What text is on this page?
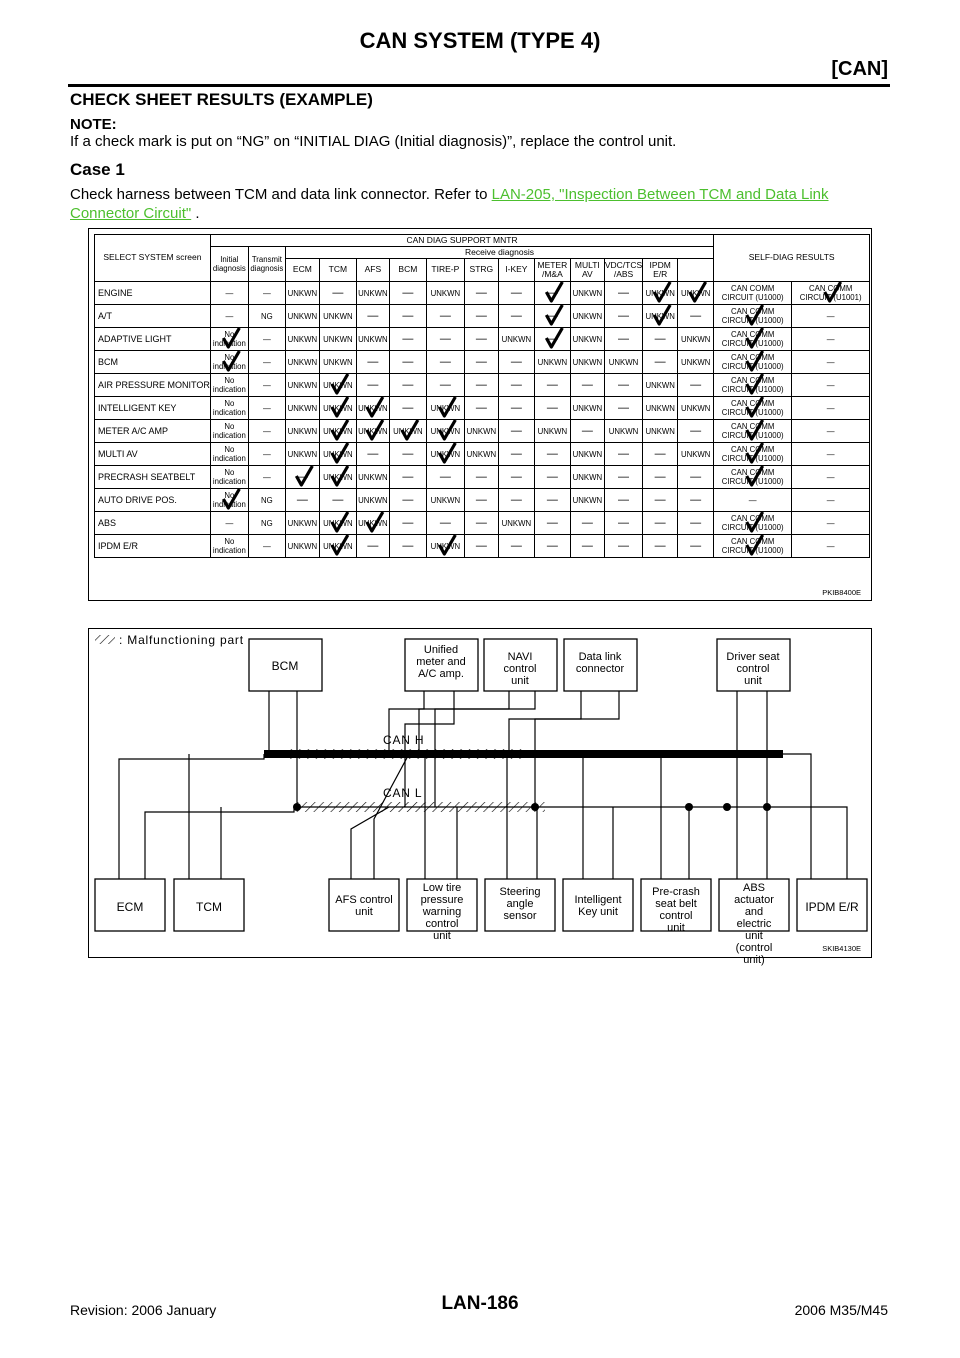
CAN SYSTEM (TYPE 4)
[CAN]
CHECK SHEET RESULTS (EXAMPLE)
NOTE:
If a check mark is put on “NG” on “INITIAL DIAG (Initial diagnosis)”, replace the control unit.
Case 1
Check harness between TCM and data link connector. Refer to LAN-205, "Inspection Between TCM and Data Link Connector Circuit" .
SELECT SYSTEM screen	CAN DIAG SUPPORT MNTR														SELF-DIAG RESULTS	
	Initial diagnosis	Transmit diagnosis	Receive diagnosis													
			ECM	TCM	AFS	BCM	TIRE-P	STRG	I-KEY	METER /M&A	MULTI AV	VDC/TCS /ABS	IPDM E/R			
ENGINE	—	—	UNKWN	—	UNKWN	—	UNKWN	—	—	—	UNKWN	—	UNKWN	UNKWN	CAN COMM CIRCUIT (U1000)	CAN COMM CIRCUIT (U1001)
A/T	—	NG	UNKWN	UNKWN	—	—	—	—	—	—	UNKWN	—	UNKWN	—	CAN COMM CIRCUIT (U1000)	—
ADAPTIVE LIGHT	No indication	—	UNKWN	UNKWN	UNKWN	—	—	—	UNKWN	—	UNKWN	—	—	UNKWN	CAN COMM CIRCUIT (U1000)	—
BCM	No indication	—	UNKWN	UNKWN	—	—	—	—	—	UNKWN	UNKWN	UNKWN	—	UNKWN	CAN COMM CIRCUIT (U1000)	—
AIR PRESSURE MONITOR	No indication	—	UNKWN	UNKWN	—	—	—	—	—	—	—	—	UNKWN	—	CAN COMM CIRCUIT (U1000)	—
INTELLIGENT KEY	No indication	—	UNKWN	UNKWN	UNKWN	—	UNKWN	—	—	—	UNKWN	—	UNKWN	UNKWN	CAN COMM CIRCUIT (U1000)	—
METER A/C AMP	No indication	—	UNKWN	UNKWN	UNKWN	UNKWN	UNKWN	UNKWN	—	UNKWN	—	UNKWN	UNKWN	—	CAN COMM CIRCUIT (U1000)	—
MULTI AV	No indication	—	UNKWN	UNKWN	—	—	UNKWN	UNKWN	—	—	UNKWN	—	—	UNKWN	CAN COMM CIRCUIT (U1000)	—
PRECRASH SEATBELT	No indication	—	—	UNKWN	UNKWN	—	—	—	—	—	UNKWN	—	—	—	CAN COMM CIRCUIT (U1000)	—
AUTO DRIVE POS.	No indication	NG	—	—	UNKWN	—	UNKWN	—	—	—	UNKWN	—	—	—	—	—
ABS	—	NG	UNKWN	UNKWN	UNKWN	—	—	—	UNKWN	—	—	—	—	—	CAN COMM CIRCUIT (U1000)	—
IPDM E/R	No indication	—	UNKWN	UNKWN	—	—	UNKWN	—	—	—	—	—	—	—	CAN COMM CIRCUIT (U1000)	—
PKIB8400E
: Malfunctioning part
BCM
Unified meter and A/C amp.
NAVI control unit
Data link connector
Driver seat control unit
CAN H
CAN L
ECM	TCM	AFS control unit
Low tire pressure warning control unit
Steering angle sensor
Intelligent Key unit
Pre-crash seat belt control unit
ABS actuator and electric unit (control unit)
IPDM E/R
SKIB4130E
Revision: 2006 January	LAN-186	2006 M35/M45
